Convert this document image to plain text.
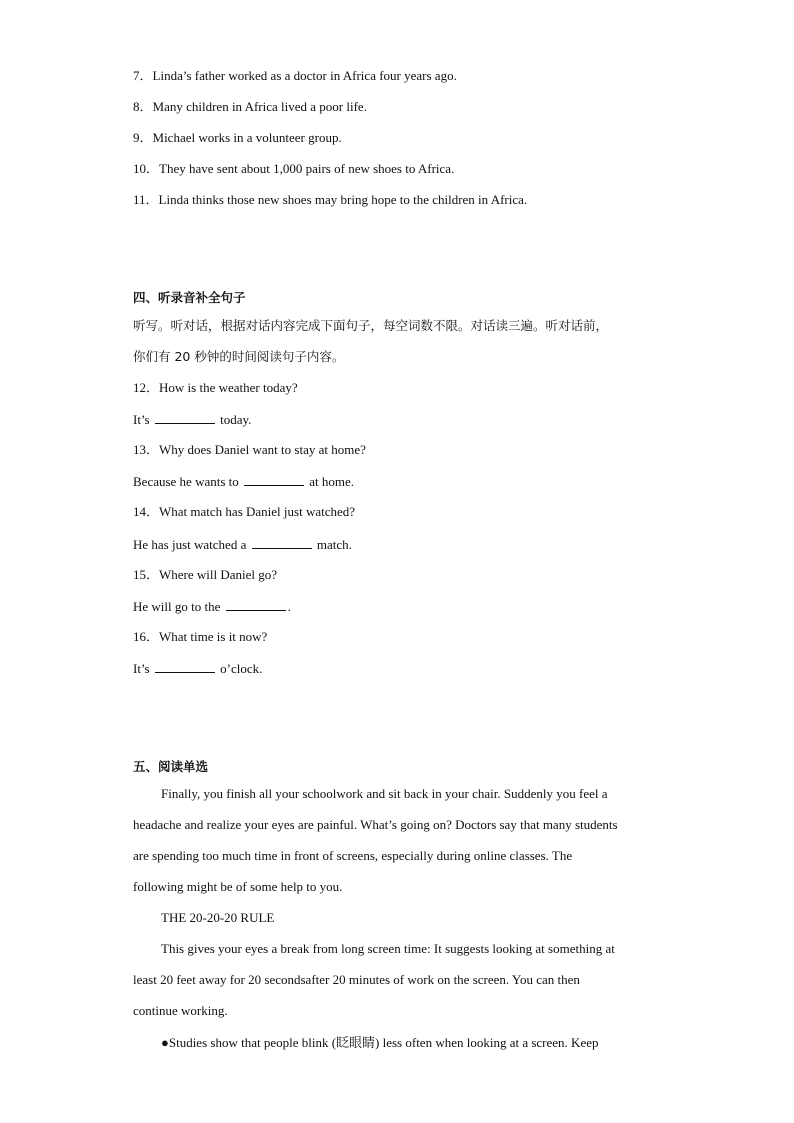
7．Linda’s father worked as a doctor in Africa four years ago.
8．Many children in Africa lived a poor life.
9．Michael works in a volunteer group.
10．They have sent about 1,000 pairs of new shoes to Africa.
11．Linda thinks those new shoes may bring hope to the children in Africa.
四、听录音补全句子
听写。听对话，根据对话内容完成下面句子，每空词数不限。对话读三遍。听对话前，
你们有 20 秒钟的时间阅读句子内容。
12．How is the weather today?
It’s	today.
13．Why does Daniel want to stay at home?
Because he wants to	at home.
14．What match has Daniel just watched?
He has just watched a	match.
15．Where will Daniel go?
He will go to the	.
16．What time is it now?
It’s	o’clock.
五、阅读单选
Finally, you finish all your schoolwork and sit back in your chair. Suddenly you feel a
headache and realize your eyes are painful. What’s going on? Doctors say that many students
are spending too much time in front of screens, especially during online classes. The
following might be of some help to you.
THE 20-20-20 RULE
This gives your eyes a break from long screen time: It suggests looking at something at
least 20 feet away for 20 secondsafter 20 minutes of work on the screen. You can then
continue working.
●Studies show that people blink (眨眼睛) less often when looking at a screen. Keep
